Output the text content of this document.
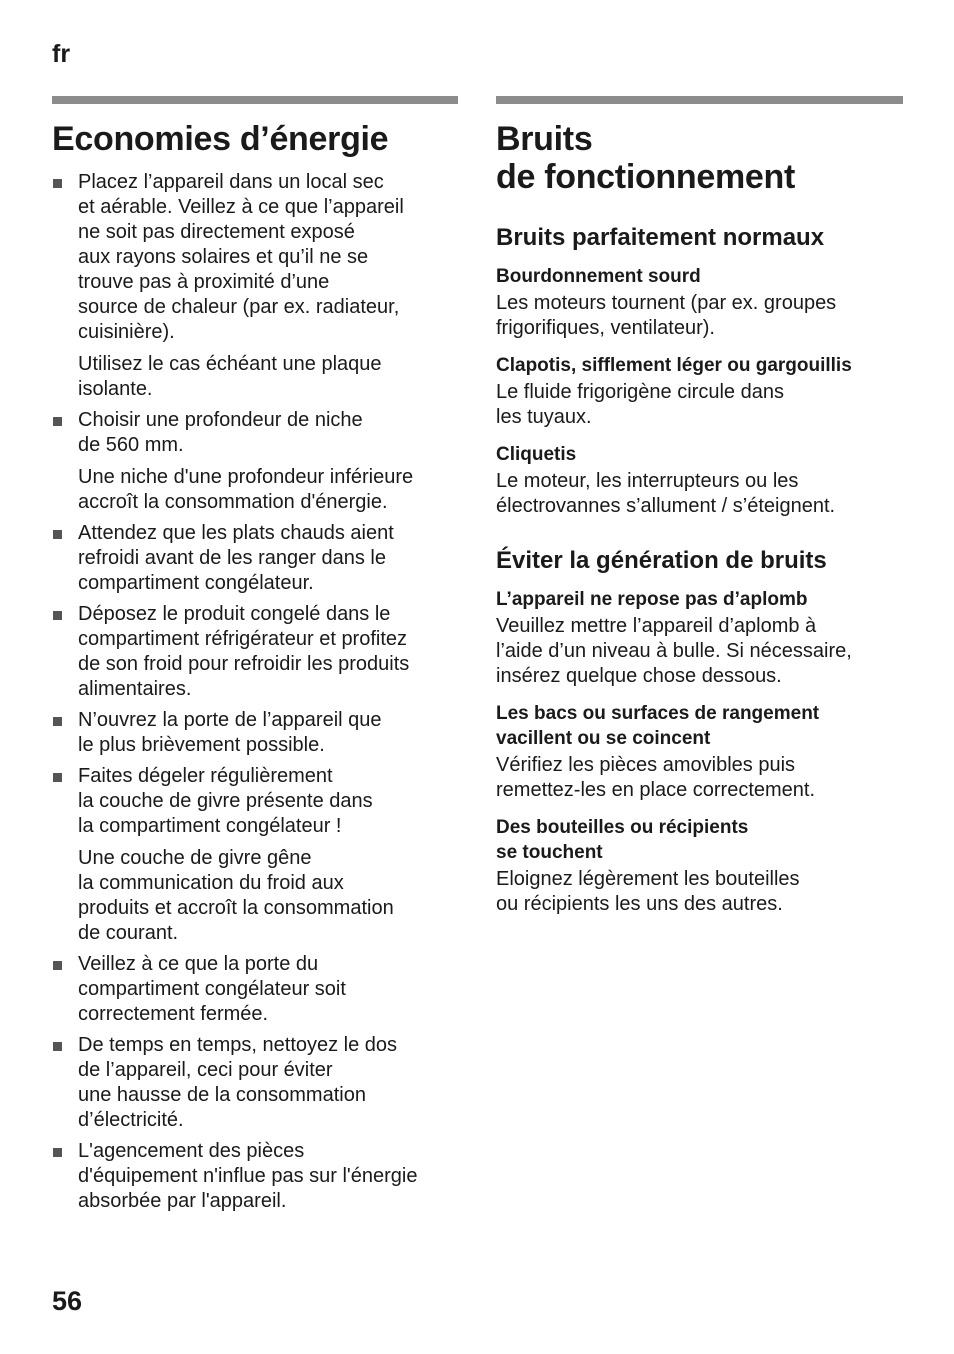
fr
Economies d’énergie

Placez l’appareil dans un local sec
et aérable. Veillez à ce que l’appareil
ne soit pas directement exposé
aux rayons solaires et qu’il ne se
trouve pas à proximité d’une
source de chaleur (par ex. radiateur,
cuisinière).

Utilisez le cas échéant une plaque
isolante.

Choisir une profondeur de niche
de 560 mm.

Une niche d'une profondeur inférieure
accroît la consommation d'énergie.

Attendez que les plats chauds aient
refroidi avant de les ranger dans le
compartiment congélateur.

Déposez le produit congelé dans le
compartiment réfrigérateur et profitez
de son froid pour refroidir les produits
alimentaires.

N’ouvrez la porte de l’appareil que
le plus brièvement possible.

Faites dégeler régulièrement
la couche de givre présente dans
la compartiment congélateur !

Une couche de givre gêne
la communication du froid aux
produits et accroît la consommation
de courant.

Veillez à ce que la porte du
compartiment congélateur soit
correctement fermée.

De temps en temps, nettoyez le dos
de l’appareil, ceci pour éviter
une hausse de la consommation
d’électricité.

L'agencement des pièces
d'équipement n'influe pas sur l'énergie
absorbée par l'appareil.

Bruits
de fonctionnement
Bruits parfaitement normaux
Bourdonnement sourd

Les moteurs tournent (par ex. groupes
frigorifiques, ventilateur).

Clapotis, sifflement léger ou gargouillis

Le fluide frigorigène circule dans
les tuyaux.

Cliquetis

Le moteur, les interrupteurs ou les
électrovannes s’allument / s’éteignent.

Éviter la génération de bruits
L’appareil ne repose pas d’aplomb

Veuillez mettre l’appareil d’aplomb à
l’aide d’un niveau à bulle. Si nécessaire,
insérez quelque chose dessous.

Les bacs ou surfaces de rangement
vacillent ou se coincent

Vérifiez les pièces amovibles puis
remettez-les en place correctement.

Des bouteilles ou récipients
se touchent

Eloignez légèrement les bouteilles
ou récipients les uns des autres.

56
